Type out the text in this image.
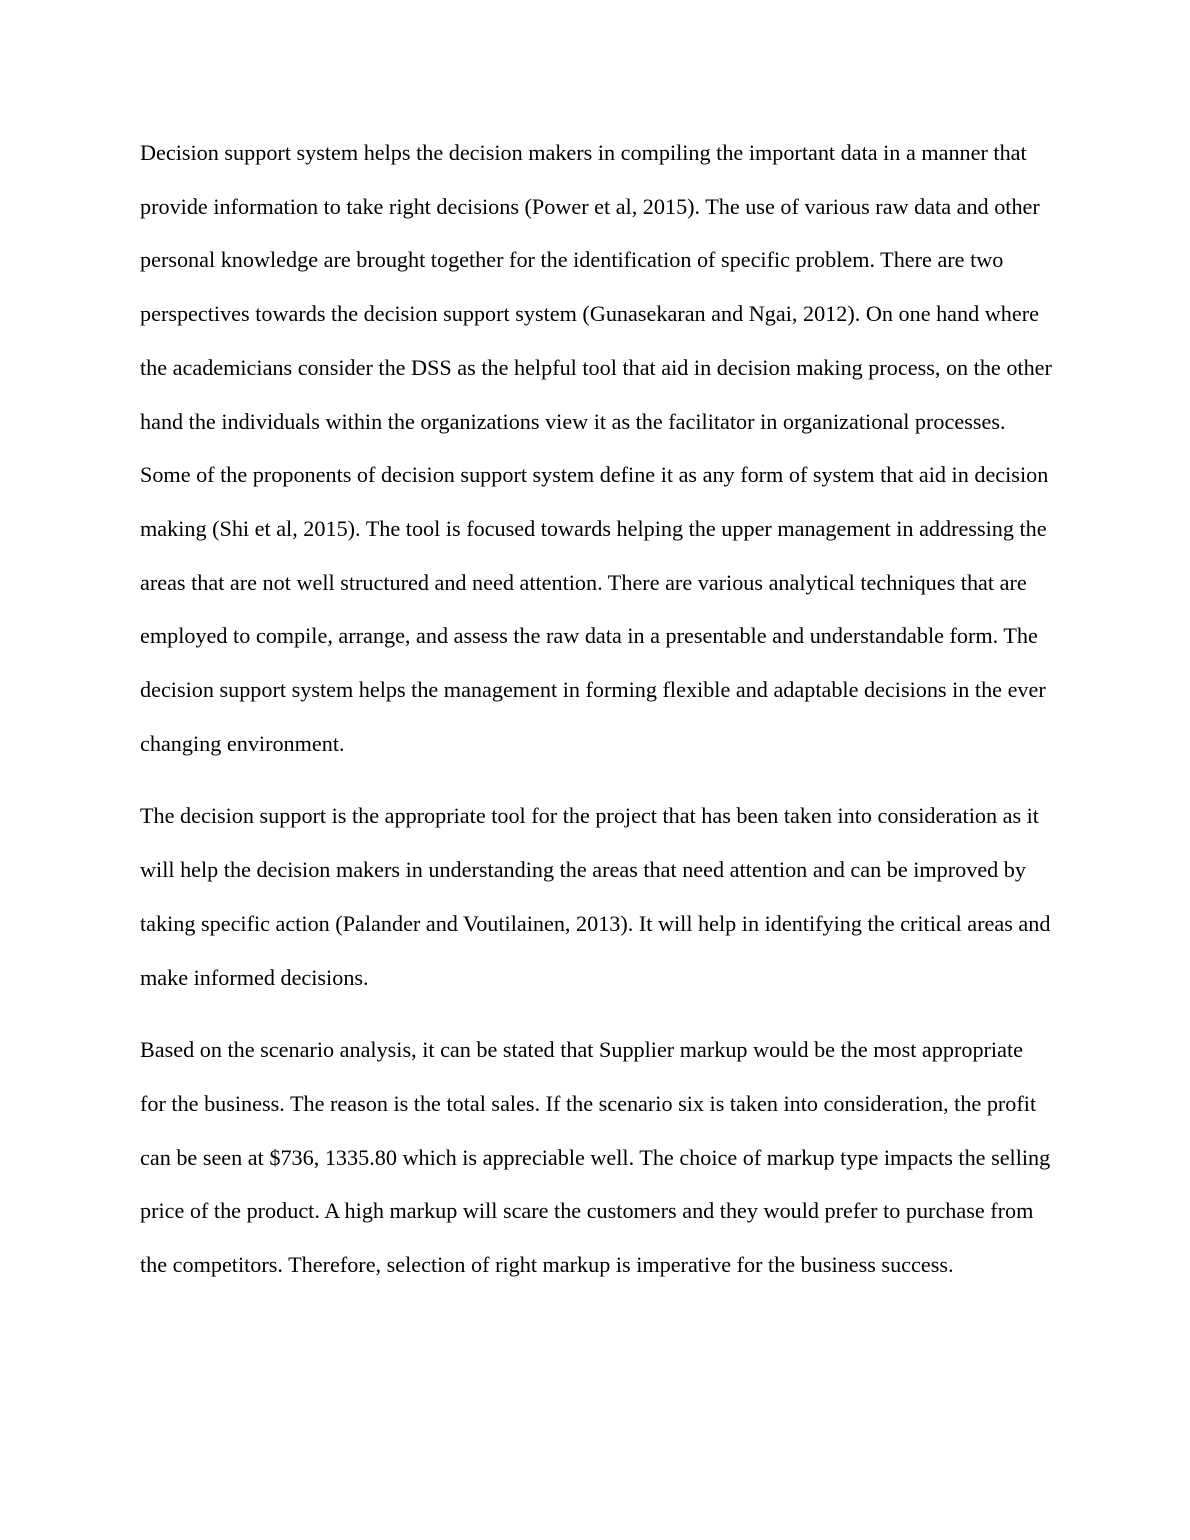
Decision support system helps the decision makers in compiling the important data in a manner that provide information to take right decisions (Power et al, 2015). The use of various raw data and other personal knowledge are brought together for the identification of specific problem. There are two perspectives towards the decision support system (Gunasekaran and Ngai, 2012). On one hand where the academicians consider the DSS as the helpful tool that aid in decision making process, on the other hand the individuals within the organizations view it as the facilitator in organizational processes. Some of the proponents of decision support system define it as any form of system that aid in decision making (Shi et al, 2015). The tool is focused towards helping the upper management in addressing the areas that are not well structured and need attention. There are various analytical techniques that are employed to compile, arrange, and assess the raw data in a presentable and understandable form. The decision support system helps the management in forming flexible and adaptable decisions in the ever changing environment.

The decision support is the appropriate tool for the project that has been taken into consideration as it will help the decision makers in understanding the areas that need attention and can be improved by taking specific action (Palander and Voutilainen, 2013). It will help in identifying the critical areas and make informed decisions.

Based on the scenario analysis, it can be stated that Supplier markup would be the most appropriate for the business. The reason is the total sales. If the scenario six is taken into consideration, the profit can be seen at $736, 1335.80 which is appreciable well. The choice of markup type impacts the selling price of the product. A high markup will scare the customers and they would prefer to purchase from the competitors. Therefore, selection of right markup is imperative for the business success.
